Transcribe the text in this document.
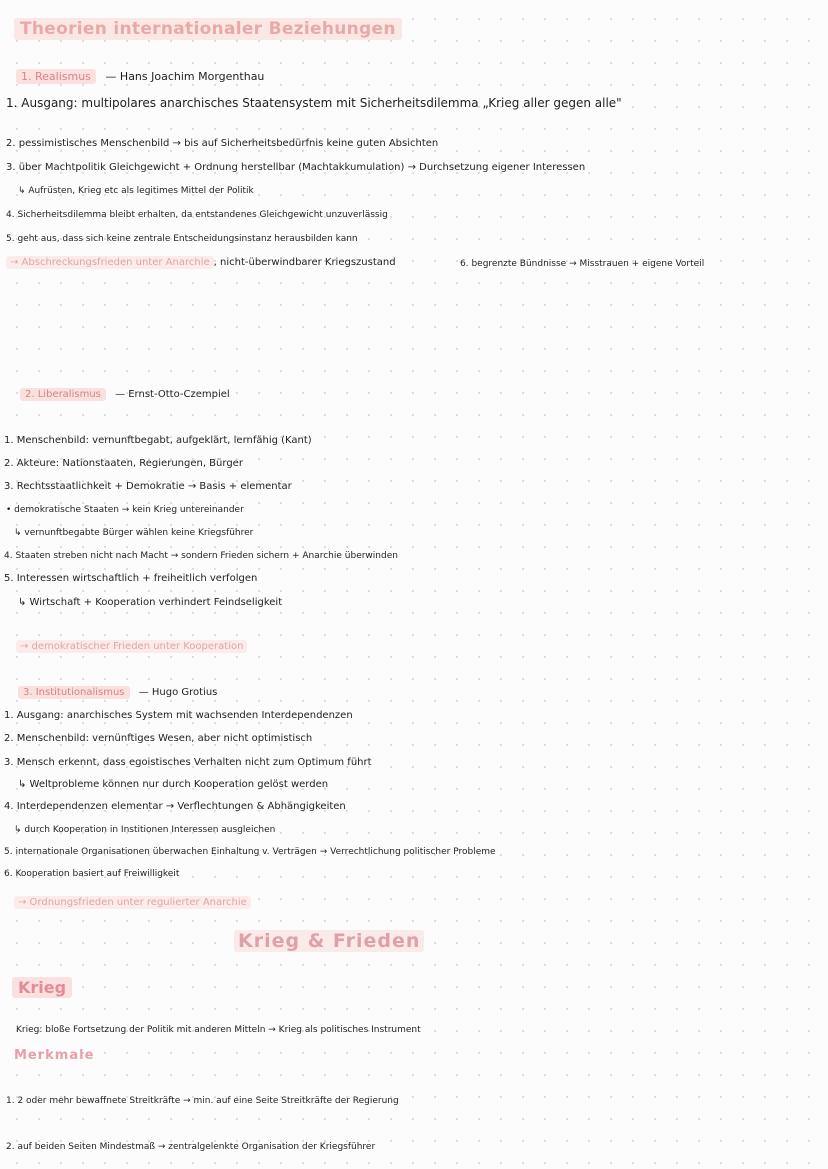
Theorien internationaler Beziehungen
1. Realismus — Hans Joachim Morgenthau
1. Ausgang: multipolares anarchisches Staatensystem mit Sicherheitsdilemma „Krieg aller gegen alle"
2. pessimistisches Menschenbild → bis auf Sicherheitsbedürfnis keine guten Absichten
3. über Machtpolitik Gleichgewicht + Ordnung herstellbar (Machtakkumulation) → Durchsetzung eigener Interessen
↳ Aufrüsten, Krieg etc als legitimes Mittel der Politik
4. Sicherheitsdilemma bleibt erhalten, da entstandenes Gleichgewicht unzuverlässig
5. geht aus, dass sich keine zentrale Entscheidungsinstanz herausbilden kann
→ Abschreckungsfrieden unter Anarchie , nicht-überwindbarer Kriegszustand	6. begrenzte Bündnisse → Misstrauen + eigene Vorteil
2. Liberalismus — Ernst-Otto-Czempiel
1. Menschenbild: vernunftbegabt, aufgeklärt, lernfähig (Kant)
2. Akteure: Nationstaaten, Regierungen, Bürger
3. Rechtsstaatlichkeit + Demokratie → Basis + elementar
• demokratische Staaten → kein Krieg untereinander
↳ vernunftbegabte Bürger wählen keine Kriegsführer
4. Staaten streben nicht nach Macht → sondern Frieden sichern + Anarchie überwinden
5. Interessen wirtschaftlich + freiheitlich verfolgen
↳ Wirtschaft + Kooperation verhindert Feindseligkeit
→ demokratischer Frieden unter Kooperation
3. Institutionalismus — Hugo Grotius
1. Ausgang: anarchisches System mit wachsenden Interdependenzen
2. Menschenbild: vernünftiges Wesen, aber nicht optimistisch
3. Mensch erkennt, dass egoistisches Verhalten nicht zum Optimum führt
↳ Weltprobleme können nur durch Kooperation gelöst werden
4. Interdependenzen elementar → Verflechtungen & Abhängigkeiten
↳ durch Kooperation in Institionen Interessen ausgleichen
5. internationale Organisationen überwachen Einhaltung v. Verträgen → Verrechtlichung politischer Probleme
6. Kooperation basiert auf Freiwilligkeit
→ Ordnungsfrieden unter regulierter Anarchie
Krieg & Frieden
Krieg
Krieg: bloße Fortsetzung der Politik mit anderen Mitteln → Krieg als politisches Instrument
Merkmale
1. 2 oder mehr bewaffnete Streitkräfte → min. auf eine Seite Streitkräfte der Regierung
2. auf beiden Seiten Mindestmaß → zentralgelenkte Organisation der Kriegsführer
